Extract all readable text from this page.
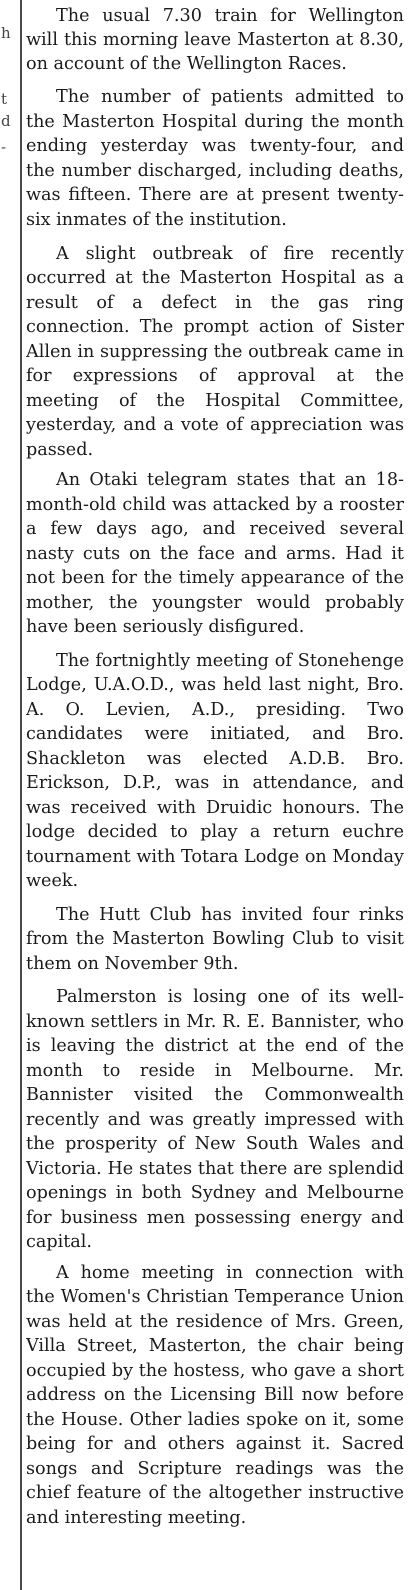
h
t
d
-

The usual 7.30 train for Wellington will this morning leave Masterton at 8.30, on account of the Wellington Races.

The number of patients admitted to the Masterton Hospital during the month ending yesterday was twenty-four, and the number discharged, including deaths, was fifteen. There are at present twenty-six inmates of the institution.

A slight outbreak of fire recently occurred at the Masterton Hospital as a result of a defect in the gas ring connection. The prompt action of Sister Allen in suppressing the outbreak came in for expressions of approval at the meeting of the Hospital Committee, yesterday, and a vote of appreciation was passed.

An Otaki telegram states that an 18-month-old child was attacked by a rooster a few days ago, and received several nasty cuts on the face and arms. Had it not been for the timely appearance of the mother, the youngster would probably have been seriously disfigured.

The fortnightly meeting of Stonehenge Lodge, U.A.O.D., was held last night, Bro. A. O. Levien, A.D., presiding. Two candidates were initiated, and Bro. Shackleton was elected A.D.B. Bro. Erickson, D.P., was in attendance, and was received with Druidic honours. The lodge decided to play a return euchre tournament with Totara Lodge on Monday week.

The Hutt Club has invited four rinks from the Masterton Bowling Club to visit them on November 9th.

Palmerston is losing one of its well-known settlers in Mr. R. E. Bannister, who is leaving the district at the end of the month to reside in Melbourne. Mr. Bannister visited the Commonwealth recently and was greatly impressed with the prosperity of New South Wales and Victoria. He states that there are splendid openings in both Sydney and Melbourne for business men possessing energy and capital.

A home meeting in connection with the Women's Christian Temperance Union was held at the residence of Mrs. Green, Villa Street, Masterton, the chair being occupied by the hostess, who gave a short address on the Licensing Bill now before the House. Other ladies spoke on it, some being for and others against it. Sacred songs and Scripture readings was the chief feature of the altogether instructive and interesting meeting.
